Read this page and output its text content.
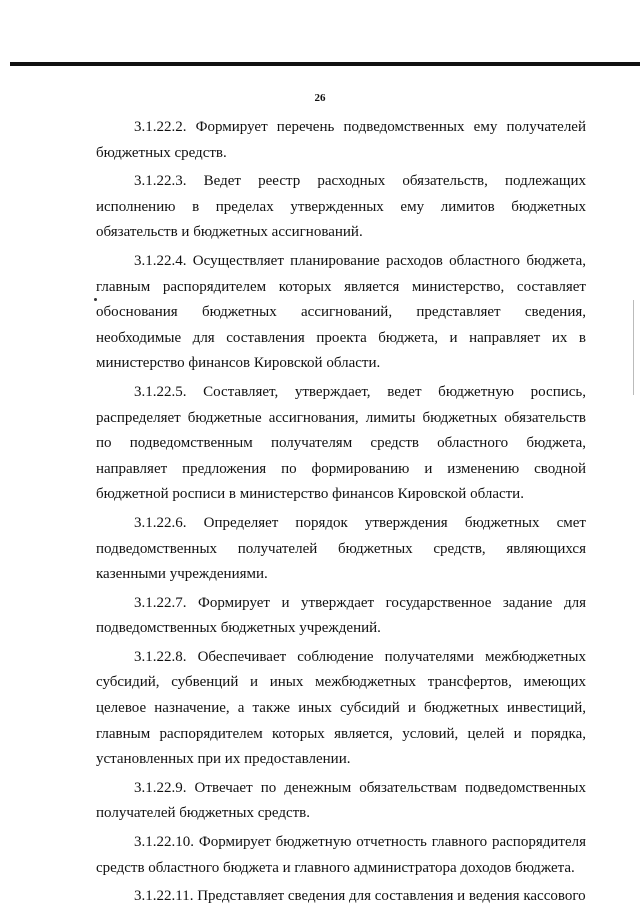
26

3.1.22.2. Формирует перечень подведомственных ему получателей бюджетных средств.

3.1.22.3. Ведет реестр расходных обязательств, подлежащих исполнению в пределах утвержденных ему лимитов бюджетных обязательств и бюджетных ассигнований.

3.1.22.4. Осуществляет планирование расходов областного бюджета, главным распорядителем которых является министерство, составляет обоснования бюджетных ассигнований, представляет сведения, необходимые для составления проекта бюджета, и направляет их в министерство финансов Кировской области.

3.1.22.5. Составляет, утверждает, ведет бюджетную роспись, распределяет бюджетные ассигнования, лимиты бюджетных обязательств по подведомственным получателям средств областного бюджета, направляет предложения по формированию и изменению сводной бюджетной росписи в министерство финансов Кировской области.

3.1.22.6. Определяет порядок утверждения бюджетных смет подведомственных получателей бюджетных средств, являющихся казенными учреждениями.

3.1.22.7. Формирует и утверждает государственное задание для подведомственных бюджетных учреждений.

3.1.22.8. Обеспечивает соблюдение получателями межбюджетных субсидий, субвенций и иных межбюджетных трансфертов, имеющих целевое назначение, а также иных субсидий и бюджетных инвестиций, главным распорядителем которых является, условий, целей и порядка, установленных при их предоставлении.

3.1.22.9. Отвечает по денежным обязательствам подведомственных получателей бюджетных средств.

3.1.22.10. Формирует бюджетную отчетность главного распорядителя средств областного бюджета и главного администратора доходов бюджета.

3.1.22.11. Представляет сведения для составления и ведения кассового
